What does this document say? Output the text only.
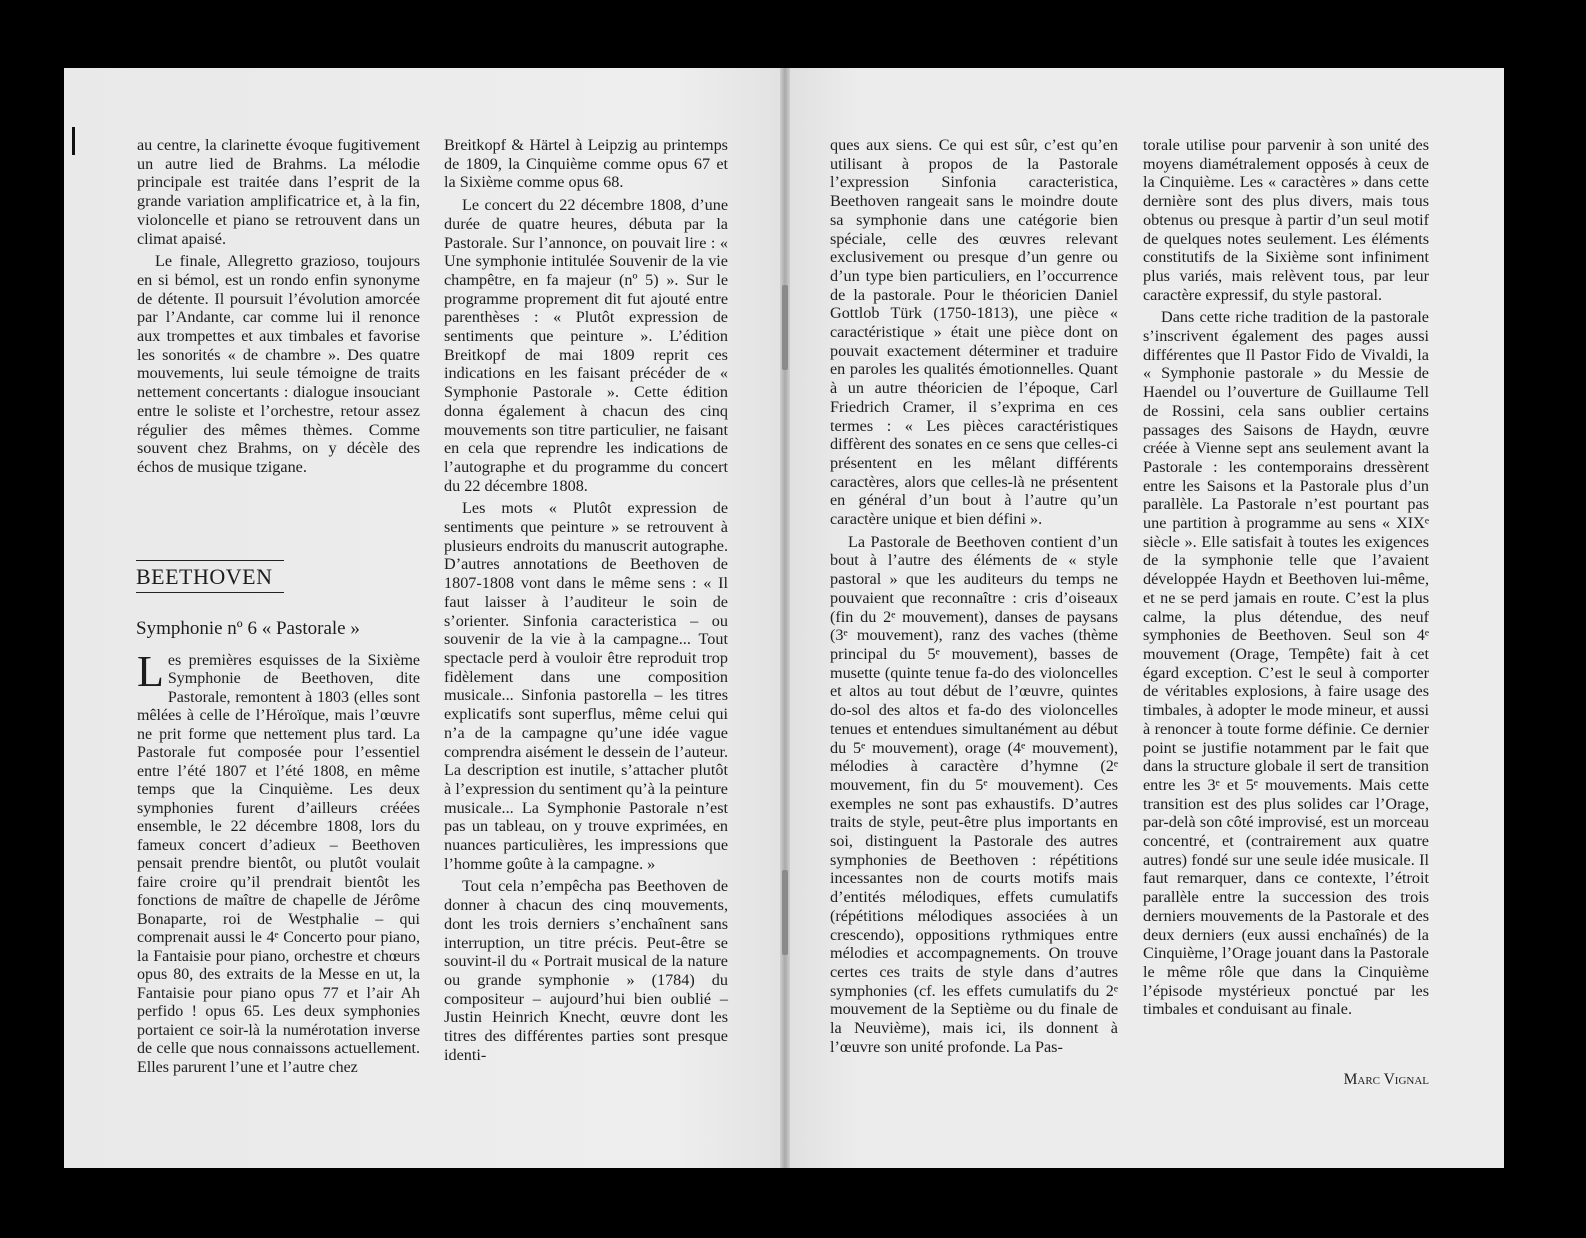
au centre, la clarinette évoque fugitivement un autre lied de Brahms. La mélodie principale est traitée dans l’esprit de la grande variation amplificatrice et, à la fin, violoncelle et piano se retrouvent dans un climat apaisé.

Le finale, Allegretto grazioso, toujours en si bémol, est un rondo enfin synonyme de détente. Il poursuit l’évolution amorcée par l’Andante, car comme lui il renonce aux trompettes et aux timbales et favorise les sonorités « de chambre ». Des quatre mouvements, lui seule témoigne de traits nettement concertants : dialogue insouciant entre le soliste et l’orchestre, retour assez régulier des mêmes thèmes. Comme souvent chez Brahms, on y décèle des échos de musique tzigane.

BEETHOVEN
Symphonie nº 6 « Pastorale »

Les premières esquisses de la Sixième Symphonie de Beethoven, dite Pastorale, remontent à 1803 (elles sont mêlées à celle de l’Héroïque, mais l’œuvre ne prit forme que nettement plus tard. La Pastorale fut composée pour l’essentiel entre l’été 1807 et l’été 1808, en même temps que la Cinquième. Les deux symphonies furent d’ailleurs créées ensemble, le 22 décembre 1808, lors du fameux concert d’adieux – Beethoven pensait prendre bientôt, ou plutôt voulait faire croire qu’il prendrait bientôt les fonctions de maître de chapelle de Jérôme Bonaparte, roi de Westphalie – qui comprenait aussi le 4ᵉ Concerto pour piano, la Fantaisie pour piano, orchestre et chœurs opus 80, des extraits de la Messe en ut, la Fantaisie pour piano opus 77 et l’air Ah perfido ! opus 65. Les deux symphonies portaient ce soir-là la numérotation inverse de celle que nous connaissons actuellement. Elles parurent l’une et l’autre chez

Breitkopf & Härtel à Leipzig au printemps de 1809, la Cinquième comme opus 67 et la Sixième comme opus 68.

Le concert du 22 décembre 1808, d’une durée de quatre heures, débuta par la Pastorale. Sur l’annonce, on pouvait lire : « Une symphonie intitulée Souvenir de la vie champêtre, en fa majeur (nº 5) ». Sur le programme proprement dit fut ajouté entre parenthèses : « Plutôt expression de sentiments que peinture ». L’édition Breitkopf de mai 1809 reprit ces indications en les faisant précéder de « Symphonie Pastorale ». Cette édition donna également à chacun des cinq mouvements son titre particulier, ne faisant en cela que reprendre les indications de l’autographe et du programme du concert du 22 décembre 1808.

Les mots « Plutôt expression de sentiments que peinture » se retrouvent à plusieurs endroits du manuscrit autographe. D’autres annotations de Beethoven de 1807-1808 vont dans le même sens : « Il faut laisser à l’auditeur le soin de s’orienter. Sinfonia caracteristica – ou souvenir de la vie à la campagne... Tout spectacle perd à vouloir être reproduit trop fidèlement dans une composition musicale... Sinfonia pastorella – les titres explicatifs sont superflus, même celui qui n’a de la campagne qu’une idée vague comprendra aisément le dessein de l’auteur. La description est inutile, s’attacher plutôt à l’expression du sentiment qu’à la peinture musicale... La Symphonie Pastorale n’est pas un tableau, on y trouve exprimées, en nuances particulières, les impressions que l’homme goûte à la campagne. »

Tout cela n’empêcha pas Beethoven de donner à chacun des cinq mouvements, dont les trois derniers s’enchaînent sans interruption, un titre précis. Peut-être se souvint-il du « Portrait musical de la nature ou grande symphonie » (1784) du compositeur – aujourd’hui bien oublié – Justin Heinrich Knecht, œuvre dont les titres des différentes parties sont presque identi-

ques aux siens. Ce qui est sûr, c’est qu’en utilisant à propos de la Pastorale l’expression Sinfonia caracteristica, Beethoven rangeait sans le moindre doute sa symphonie dans une catégorie bien spéciale, celle des œuvres relevant exclusivement ou presque d’un genre ou d’un type bien particuliers, en l’occurrence de la pastorale. Pour le théoricien Daniel Gottlob Türk (1750-1813), une pièce « caractéristique » était une pièce dont on pouvait exactement déterminer et traduire en paroles les qualités émotionnelles. Quant à un autre théoricien de l’époque, Carl Friedrich Cramer, il s’exprima en ces termes : « Les pièces caractéristiques diffèrent des sonates en ce sens que celles-ci présentent en les mêlant différents caractères, alors que celles-là ne présentent en général d’un bout à l’autre qu’un caractère unique et bien défini ».

La Pastorale de Beethoven contient d’un bout à l’autre des éléments de « style pastoral » que les auditeurs du temps ne pouvaient que reconnaître : cris d’oiseaux (fin du 2ᵉ mouvement), danses de paysans (3ᵉ mouvement), ranz des vaches (thème principal du 5ᵉ mouvement), basses de musette (quinte tenue fa-do des violoncelles et altos au tout début de l’œuvre, quintes do-sol des altos et fa-do des violoncelles tenues et entendues simultanément au début du 5ᵉ mouvement), orage (4ᵉ mouvement), mélodies à caractère d’hymne (2ᵉ mouvement, fin du 5ᵉ mouvement). Ces exemples ne sont pas exhaustifs. D’autres traits de style, peut-être plus importants en soi, distinguent la Pastorale des autres symphonies de Beethoven : répétitions incessantes non de courts motifs mais d’entités mélodiques, effets cumulatifs (répétitions mélodiques associées à un crescendo), oppositions rythmiques entre mélodies et accompagnements. On trouve certes ces traits de style dans d’autres symphonies (cf. les effets cumulatifs du 2ᵉ mouvement de la Septième ou du finale de la Neuvième), mais ici, ils donnent à l’œuvre son unité profonde. La Pas-

torale utilise pour parvenir à son unité des moyens diamétralement opposés à ceux de la Cinquième. Les « caractères » dans cette dernière sont des plus divers, mais tous obtenus ou presque à partir d’un seul motif de quelques notes seulement. Les éléments constitutifs de la Sixième sont infiniment plus variés, mais relèvent tous, par leur caractère expressif, du style pastoral.

Dans cette riche tradition de la pastorale s’inscrivent également des pages aussi différentes que Il Pastor Fido de Vivaldi, la « Symphonie pastorale » du Messie de Haendel ou l’ouverture de Guillaume Tell de Rossini, cela sans oublier certains passages des Saisons de Haydn, œuvre créée à Vienne sept ans seulement avant la Pastorale : les contemporains dressèrent entre les Saisons et la Pastorale plus d’un parallèle. La Pastorale n’est pourtant pas une partition à programme au sens « XIXᵉ siècle ». Elle satisfait à toutes les exigences de la symphonie telle que l’avaient développée Haydn et Beethoven lui-même, et ne se perd jamais en route. C’est la plus calme, la plus détendue, des neuf symphonies de Beethoven. Seul son 4ᵉ mouvement (Orage, Tempête) fait à cet égard exception. C’est le seul à comporter de véritables explosions, à faire usage des timbales, à adopter le mode mineur, et aussi à renoncer à toute forme définie. Ce dernier point se justifie notamment par le fait que dans la structure globale il sert de transition entre les 3ᵉ et 5ᵉ mouvements. Mais cette transition est des plus solides car l’Orage, par-delà son côté improvisé, est un morceau concentré, et (contrairement aux quatre autres) fondé sur une seule idée musicale. Il faut remarquer, dans ce contexte, l’étroit parallèle entre la succession des trois derniers mouvements de la Pastorale et des deux derniers (eux aussi enchaînés) de la Cinquième, l’Orage jouant dans la Pastorale le même rôle que dans la Cinquième l’épisode mystérieux ponctué par les timbales et conduisant au finale.

Marc Vignal
